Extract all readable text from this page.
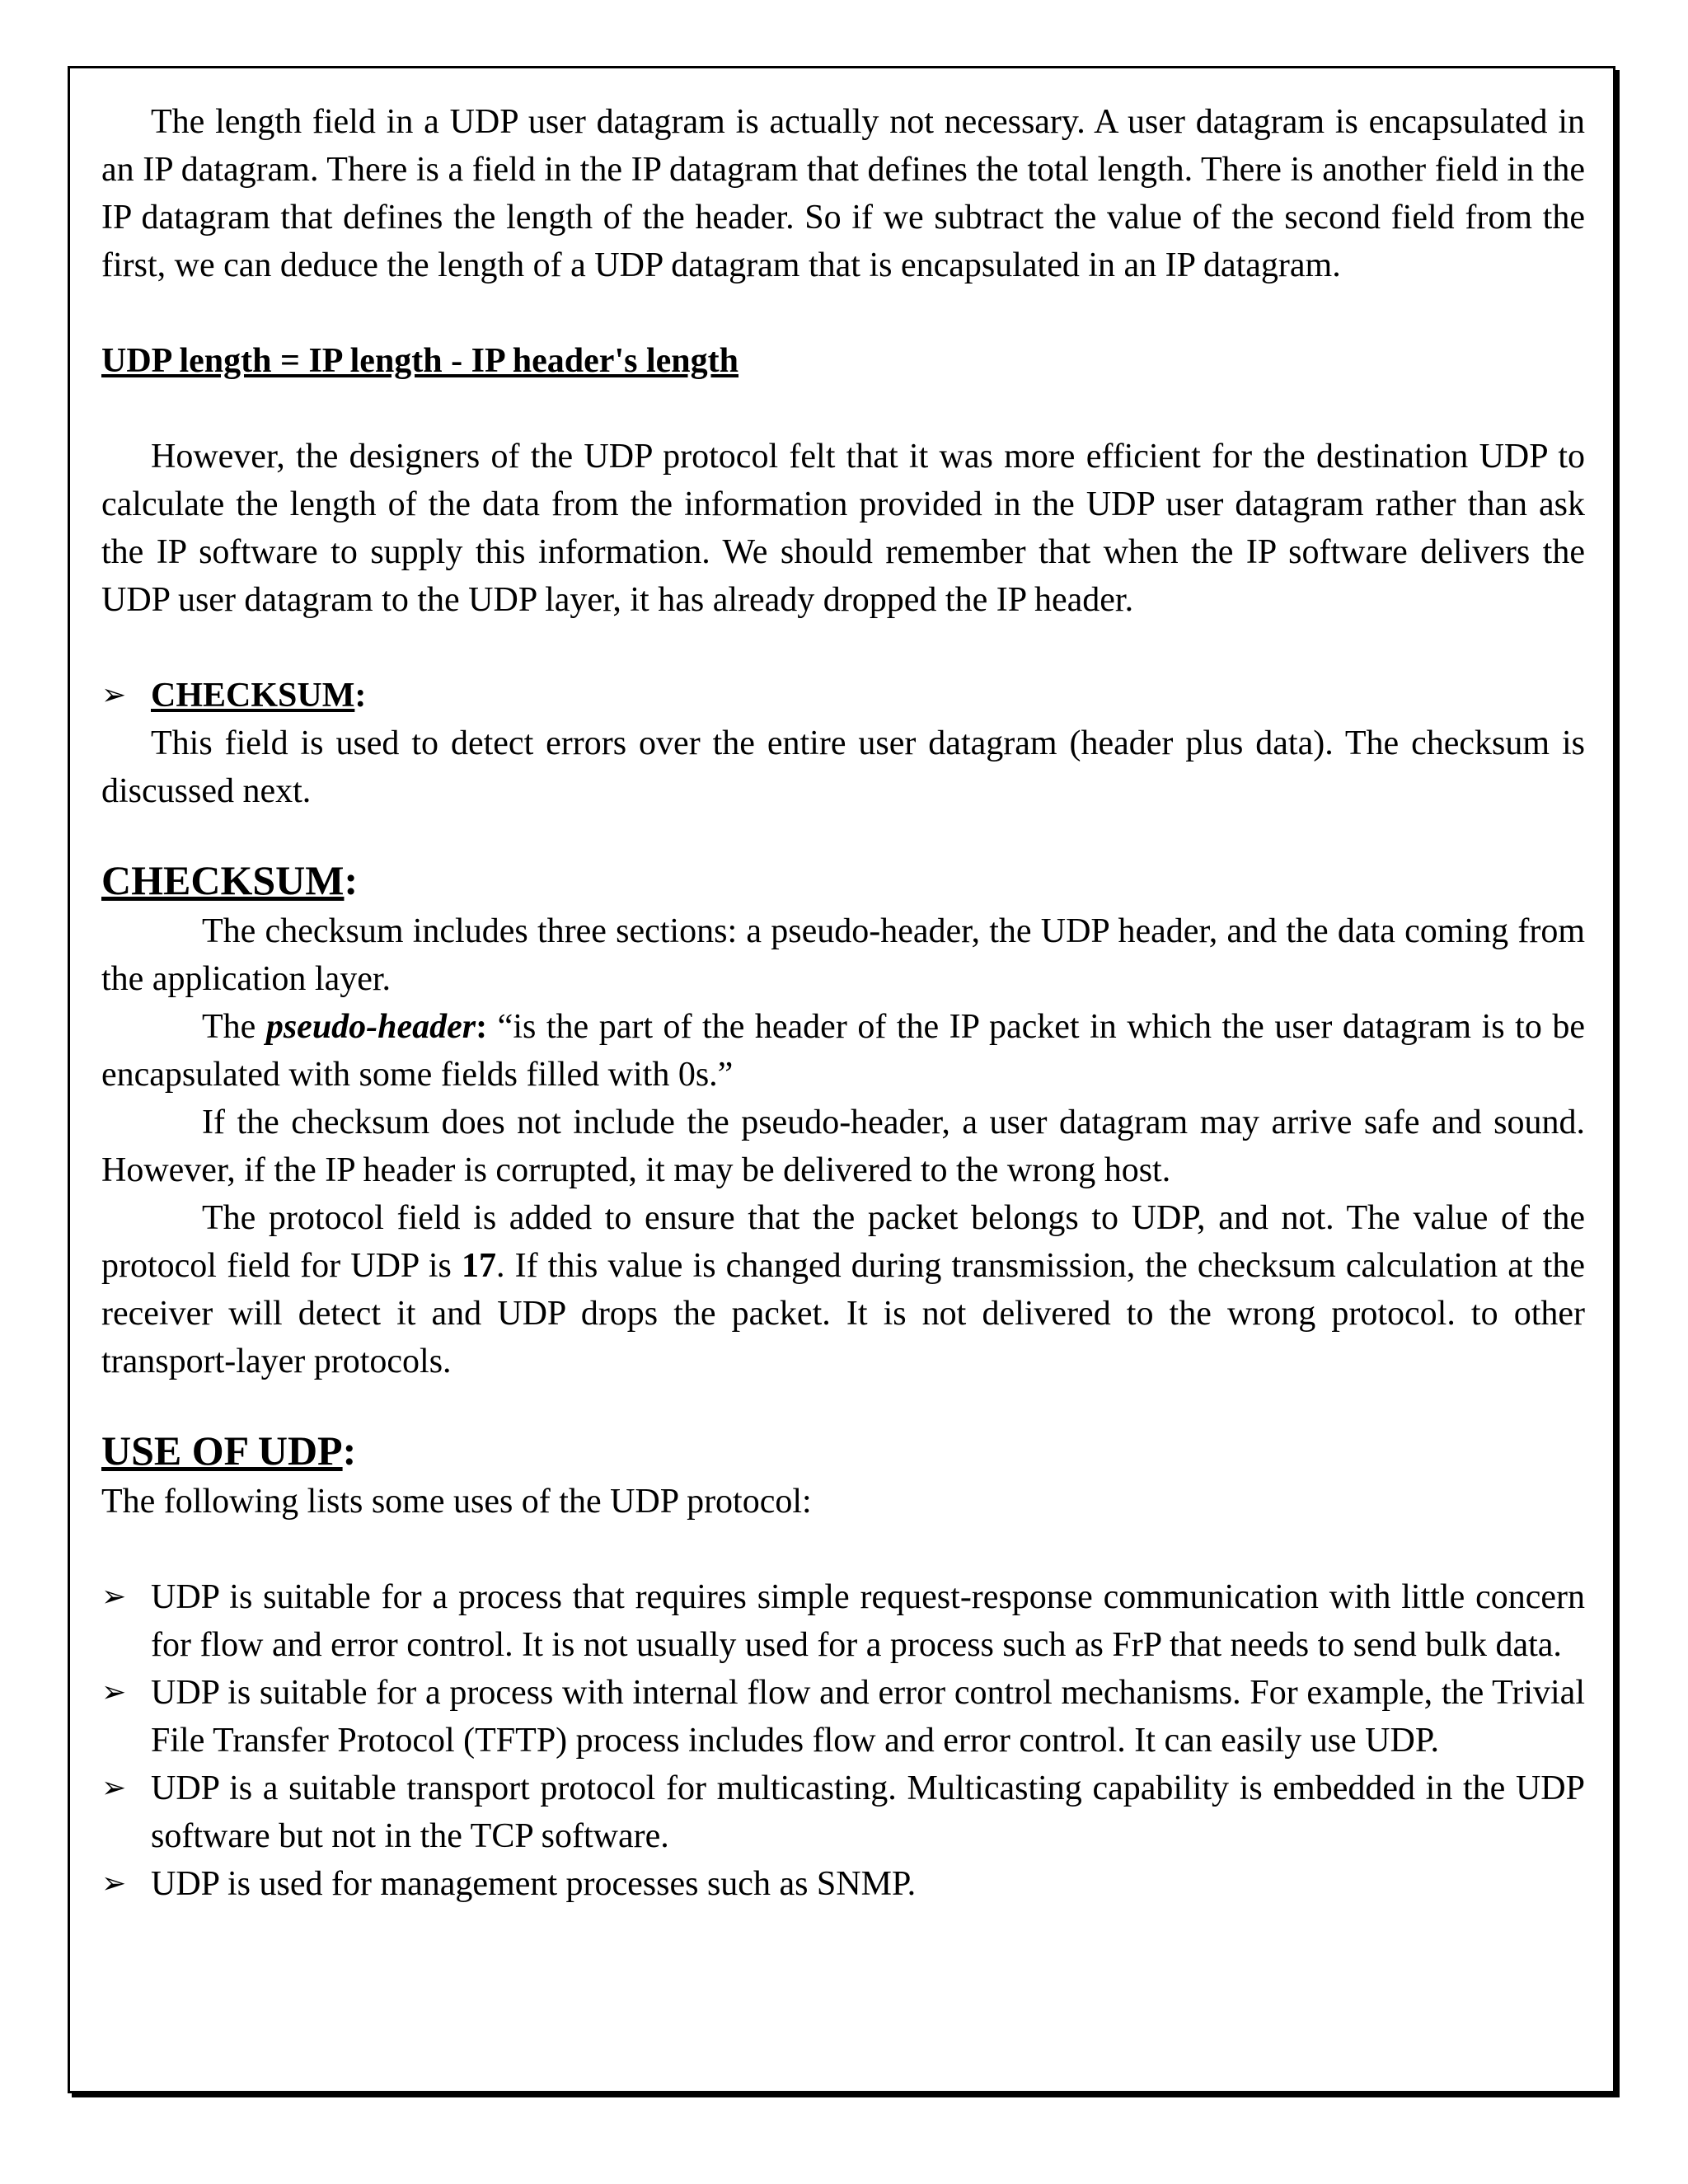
The length field in a UDP user datagram is actually not necessary. A user datagram is encapsulated in an IP datagram. There is a field in the IP datagram that defines the total length. There is another field in the IP datagram that defines the length of the header. So if we subtract the value of the second field from the first, we can deduce the length of a UDP datagram that is encapsulated in an IP datagram.

UDP length = IP length - IP header's length

However, the designers of the UDP protocol felt that it was more efficient for the destination UDP to calculate the length of the data from the information provided in the UDP user datagram rather than ask the IP software to supply this information. We should remember that when the IP software delivers the UDP user datagram to the UDP layer, it has already dropped the IP header.

➢ CHECKSUM:

This field is used to detect errors over the entire user datagram (header plus data). The checksum is discussed next.

CHECKSUM:

The checksum includes three sections: a pseudo-header, the UDP header, and the data coming from the application layer.

The pseudo-header: “is the part of the header of the IP packet in which the user datagram is to be encapsulated with some fields filled with 0s.”

If the checksum does not include the pseudo-header, a user datagram may arrive safe and sound. However, if the IP header is corrupted, it may be delivered to the wrong host.

The protocol field is added to ensure that the packet belongs to UDP, and not. The value of the protocol field for UDP is 17. If this value is changed during transmission, the checksum calculation at the receiver will detect it and UDP drops the packet. It is not delivered to the wrong protocol. to other transport-layer protocols.

USE OF UDP:

The following lists some uses of the UDP protocol:

➢ UDP is suitable for a process that requires simple request-response communication with little concern for flow and error control. It is not usually used for a process such as FrP that needs to send bulk data.
➢ UDP is suitable for a process with internal flow and error control mechanisms. For example, the Trivial File Transfer Protocol (TFTP) process includes flow and error control. It can easily use UDP.
➢ UDP is a suitable transport protocol for multicasting. Multicasting capability is embedded in the UDP software but not in the TCP software.
➢ UDP is used for management processes such as SNMP.
